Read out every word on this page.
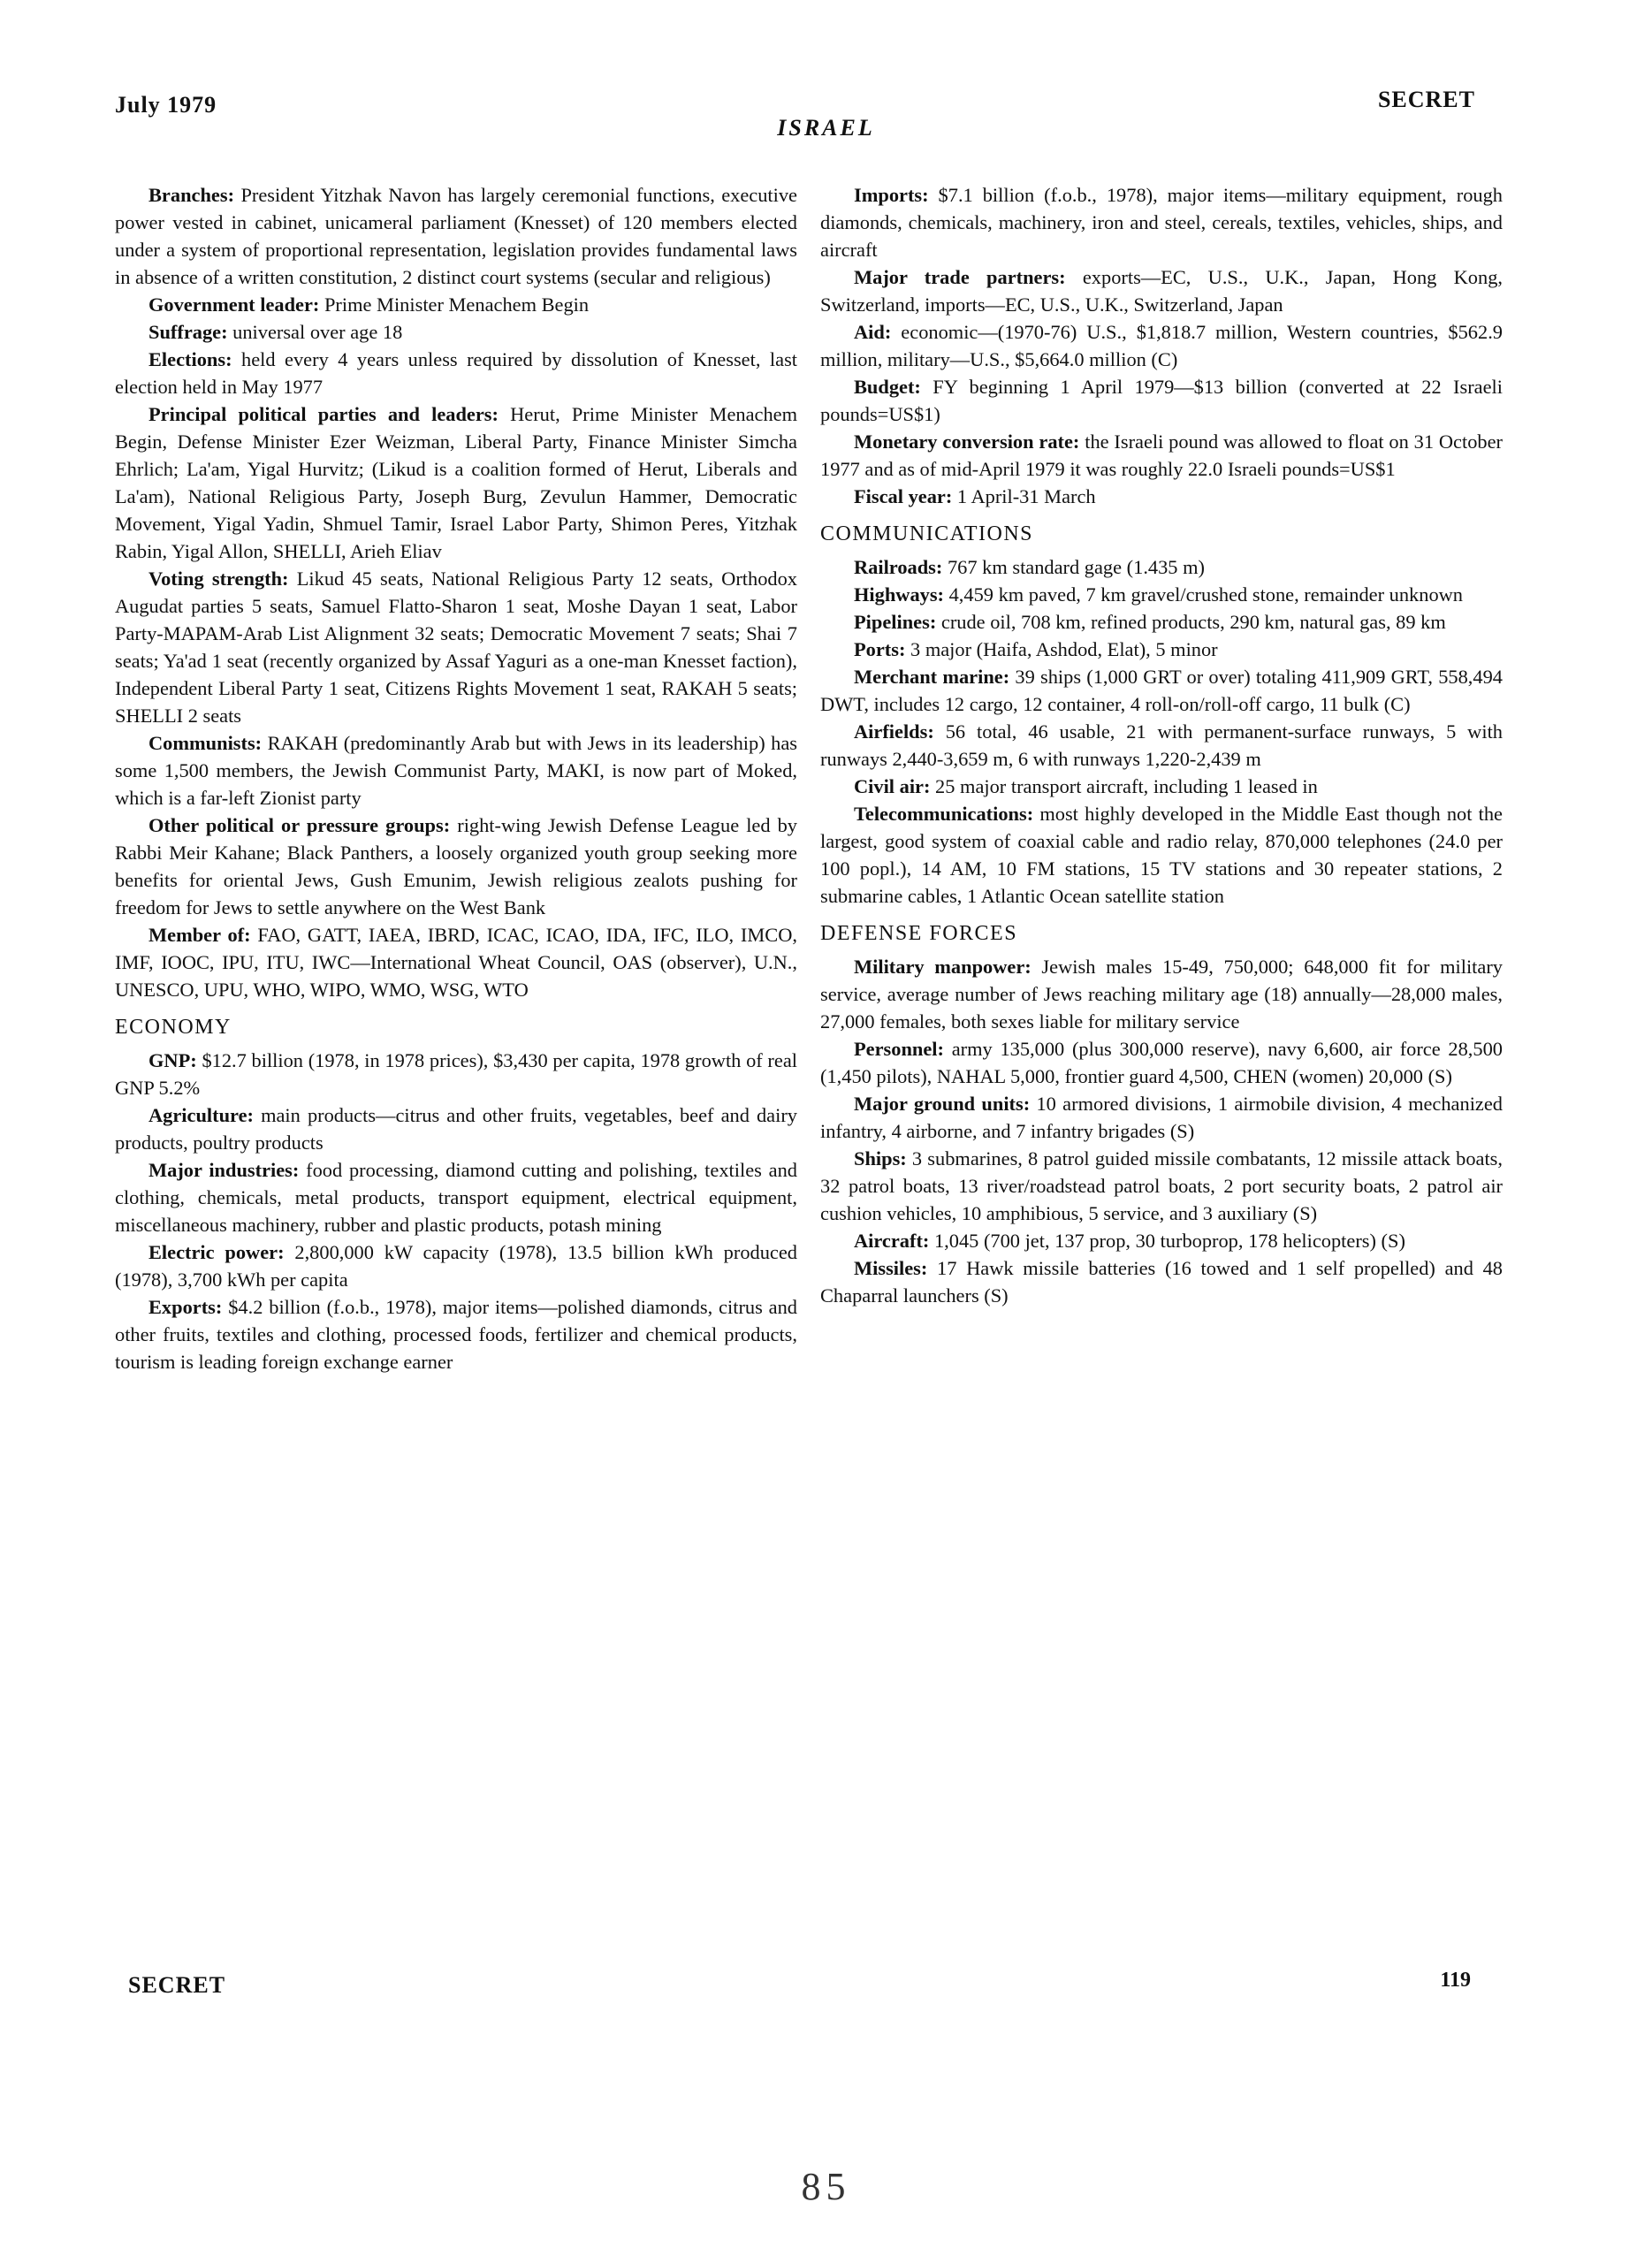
July 1979	SECRET
ISRAEL

Branches: President Yitzhak Navon has largely ceremonial functions, executive power vested in cabinet, unicameral parliament (Knesset) of 120 members elected under a system of proportional representation, legislation provides fundamental laws in absence of a written constitution, 2 distinct court systems (secular and religious)

Government leader: Prime Minister Menachem Begin

Suffrage: universal over age 18

Elections: held every 4 years unless required by dissolution of Knesset, last election held in May 1977

Principal political parties and leaders: Herut, Prime Minister Menachem Begin, Defense Minister Ezer Weizman, Liberal Party, Finance Minister Simcha Ehrlich; La'am, Yigal Hurvitz; (Likud is a coalition formed of Herut, Liberals and La'am), National Religious Party, Joseph Burg, Zevulun Hammer, Democratic Movement, Yigal Yadin, Shmuel Tamir, Israel Labor Party, Shimon Peres, Yitzhak Rabin, Yigal Allon, SHELLI, Arieh Eliav

Voting strength: Likud 45 seats, National Religious Party 12 seats, Orthodox Augudat parties 5 seats, Samuel Flatto-Sharon 1 seat, Moshe Dayan 1 seat, Labor Party-MAPAM-Arab List Alignment 32 seats; Democratic Movement 7 seats; Shai 7 seats; Ya'ad 1 seat (recently organized by Assaf Yaguri as a one-man Knesset faction), Independent Liberal Party 1 seat, Citizens Rights Movement 1 seat, RAKAH 5 seats; SHELLI 2 seats

Communists: RAKAH (predominantly Arab but with Jews in its leadership) has some 1,500 members, the Jewish Communist Party, MAKI, is now part of Moked, which is a far-left Zionist party

Other political or pressure groups: right-wing Jewish Defense League led by Rabbi Meir Kahane; Black Panthers, a loosely organized youth group seeking more benefits for oriental Jews, Gush Emunim, Jewish religious zealots pushing for freedom for Jews to settle anywhere on the West Bank

Member of: FAO, GATT, IAEA, IBRD, ICAC, ICAO, IDA, IFC, ILO, IMCO, IMF, IOOC, IPU, ITU, IWC—International Wheat Council, OAS (observer), U.N., UNESCO, UPU, WHO, WIPO, WMO, WSG, WTO

ECONOMY

GNP: $12.7 billion (1978, in 1978 prices), $3,430 per capita, 1978 growth of real GNP 5.2%

Agriculture: main products—citrus and other fruits, vegetables, beef and dairy products, poultry products

Major industries: food processing, diamond cutting and polishing, textiles and clothing, chemicals, metal products, transport equipment, electrical equipment, miscellaneous machinery, rubber and plastic products, potash mining

Electric power: 2,800,000 kW capacity (1978), 13.5 billion kWh produced (1978), 3,700 kWh per capita

Exports: $4.2 billion (f.o.b., 1978), major items—polished diamonds, citrus and other fruits, textiles and clothing, processed foods, fertilizer and chemical products, tourism is leading foreign exchange earner

Imports: $7.1 billion (f.o.b., 1978), major items—military equipment, rough diamonds, chemicals, machinery, iron and steel, cereals, textiles, vehicles, ships, and aircraft

Major trade partners: exports—EC, U.S., U.K., Japan, Hong Kong, Switzerland, imports—EC, U.S., U.K., Switzerland, Japan

Aid: economic—(1970-76) U.S., $1,818.7 million, Western countries, $562.9 million, military—U.S., $5,664.0 million (C)

Budget: FY beginning 1 April 1979—$13 billion (converted at 22 Israeli pounds=US$1)

Monetary conversion rate: the Israeli pound was allowed to float on 31 October 1977 and as of mid-April 1979 it was roughly 22.0 Israeli pounds=US$1

Fiscal year: 1 April-31 March

COMMUNICATIONS

Railroads: 767 km standard gage (1.435 m)

Highways: 4,459 km paved, 7 km gravel/crushed stone, remainder unknown

Pipelines: crude oil, 708 km, refined products, 290 km, natural gas, 89 km

Ports: 3 major (Haifa, Ashdod, Elat), 5 minor

Merchant marine: 39 ships (1,000 GRT or over) totaling 411,909 GRT, 558,494 DWT, includes 12 cargo, 12 container, 4 roll-on/roll-off cargo, 11 bulk (C)

Airfields: 56 total, 46 usable, 21 with permanent-surface runways, 5 with runways 2,440-3,659 m, 6 with runways 1,220-2,439 m

Civil air: 25 major transport aircraft, including 1 leased in

Telecommunications: most highly developed in the Middle East though not the largest, good system of coaxial cable and radio relay, 870,000 telephones (24.0 per 100 popl.), 14 AM, 10 FM stations, 15 TV stations and 30 repeater stations, 2 submarine cables, 1 Atlantic Ocean satellite station

DEFENSE FORCES

Military manpower: Jewish males 15-49, 750,000; 648,000 fit for military service, average number of Jews reaching military age (18) annually—28,000 males, 27,000 females, both sexes liable for military service

Personnel: army 135,000 (plus 300,000 reserve), navy 6,600, air force 28,500 (1,450 pilots), NAHAL 5,000, frontier guard 4,500, CHEN (women) 20,000 (S)

Major ground units: 10 armored divisions, 1 airmobile division, 4 mechanized infantry, 4 airborne, and 7 infantry brigades (S)

Ships: 3 submarines, 8 patrol guided missile combatants, 12 missile attack boats, 32 patrol boats, 13 river/roadstead patrol boats, 2 port security boats, 2 patrol air cushion vehicles, 10 amphibious, 5 service, and 3 auxiliary (S)

Aircraft: 1,045 (700 jet, 137 prop, 30 turboprop, 178 helicopters) (S)

Missiles: 17 Hawk missile batteries (16 towed and 1 self propelled) and 48 Chaparral launchers (S)

SECRET	119
85
